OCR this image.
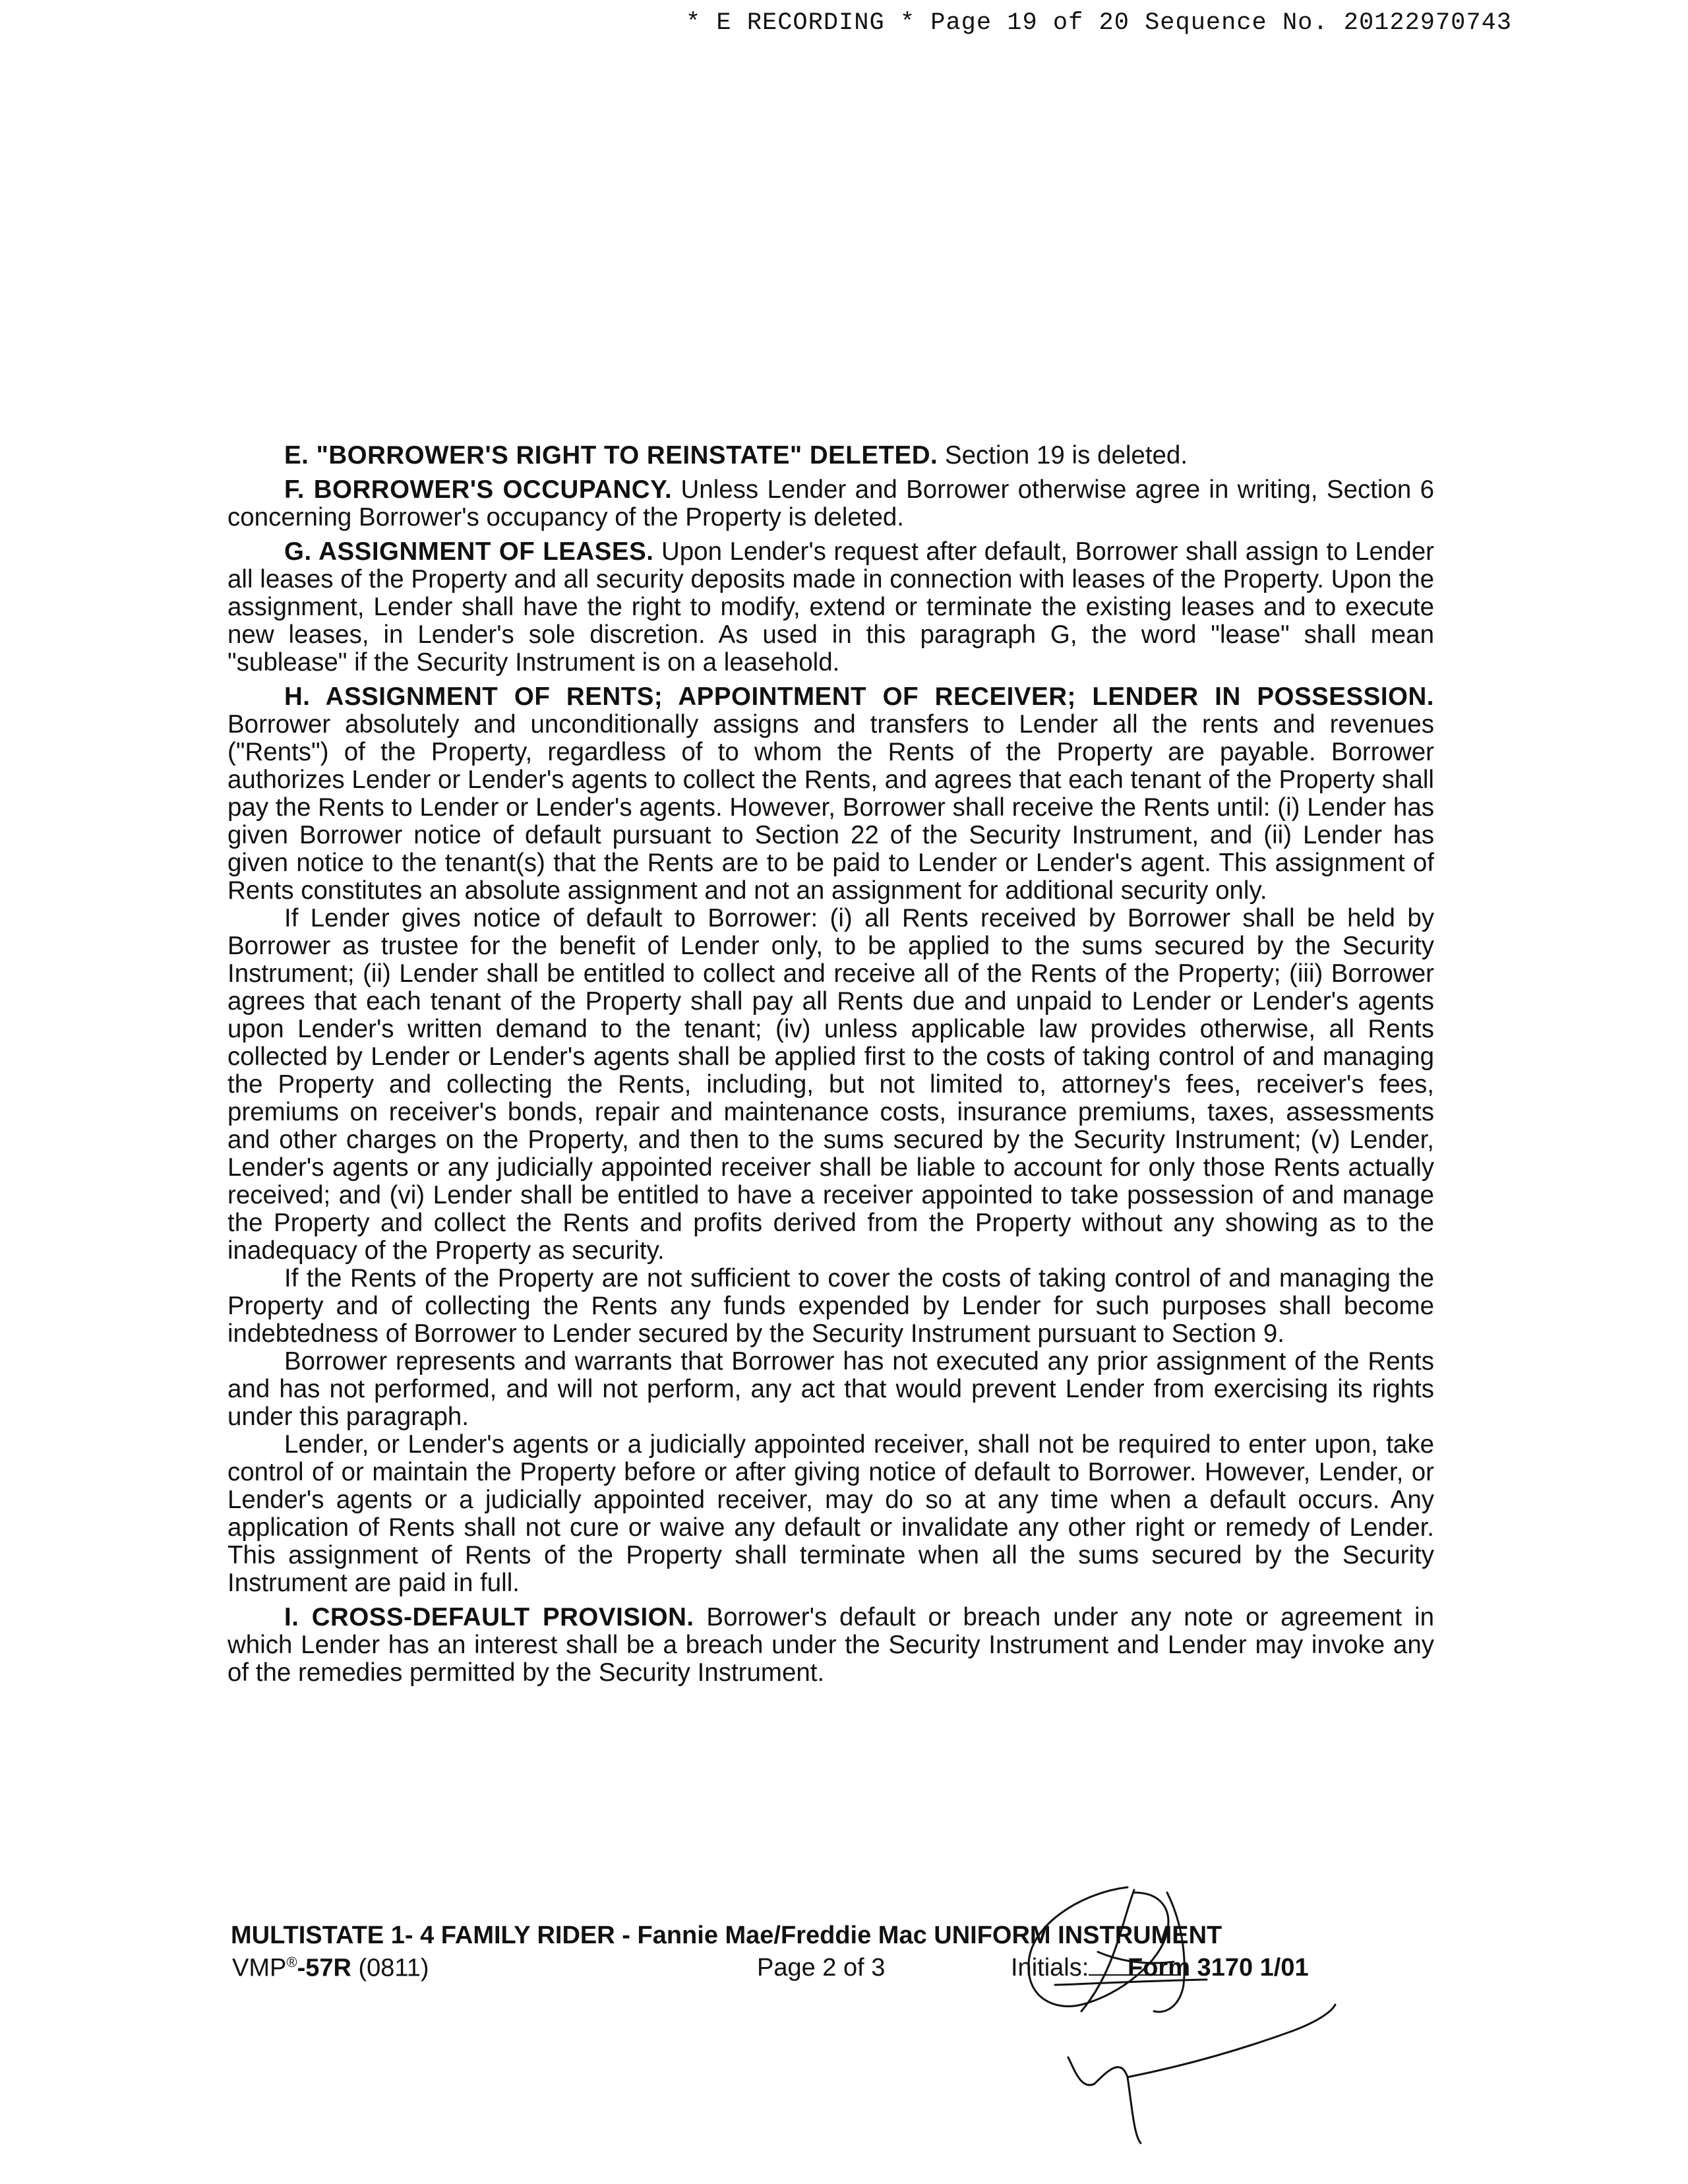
* E RECORDING * Page 19 of 20 Sequence No. 20122970743

E. "BORROWER'S RIGHT TO REINSTATE" DELETED. Section 19 is deleted.

F. BORROWER'S OCCUPANCY. Unless Lender and Borrower otherwise agree in writing, Section 6 concerning Borrower's occupancy of the Property is deleted.

G. ASSIGNMENT OF LEASES. Upon Lender's request after default, Borrower shall assign to Lender all leases of the Property and all security deposits made in connection with leases of the Property. Upon the assignment, Lender shall have the right to modify, extend or terminate the existing leases and to execute new leases, in Lender's sole discretion. As used in this paragraph G, the word "lease" shall mean "sublease" if the Security Instrument is on a leasehold.

H. ASSIGNMENT OF RENTS; APPOINTMENT OF RECEIVER; LENDER IN POSSESSION. Borrower absolutely and unconditionally assigns and transfers to Lender all the rents and revenues ("Rents") of the Property, regardless of to whom the Rents of the Property are payable. Borrower authorizes Lender or Lender's agents to collect the Rents, and agrees that each tenant of the Property shall pay the Rents to Lender or Lender's agents. However, Borrower shall receive the Rents until: (i) Lender has given Borrower notice of default pursuant to Section 22 of the Security Instrument, and (ii) Lender has given notice to the tenant(s) that the Rents are to be paid to Lender or Lender's agent. This assignment of Rents constitutes an absolute assignment and not an assignment for additional security only.

If Lender gives notice of default to Borrower: (i) all Rents received by Borrower shall be held by Borrower as trustee for the benefit of Lender only, to be applied to the sums secured by the Security Instrument; (ii) Lender shall be entitled to collect and receive all of the Rents of the Property; (iii) Borrower agrees that each tenant of the Property shall pay all Rents due and unpaid to Lender or Lender's agents upon Lender's written demand to the tenant; (iv) unless applicable law provides otherwise, all Rents collected by Lender or Lender's agents shall be applied first to the costs of taking control of and managing the Property and collecting the Rents, including, but not limited to, attorney's fees, receiver's fees, premiums on receiver's bonds, repair and maintenance costs, insurance premiums, taxes, assessments and other charges on the Property, and then to the sums secured by the Security Instrument; (v) Lender, Lender's agents or any judicially appointed receiver shall be liable to account for only those Rents actually received; and (vi) Lender shall be entitled to have a receiver appointed to take possession of and manage the Property and collect the Rents and profits derived from the Property without any showing as to the inadequacy of the Property as security.

If the Rents of the Property are not sufficient to cover the costs of taking control of and managing the Property and of collecting the Rents any funds expended by Lender for such purposes shall become indebtedness of Borrower to Lender secured by the Security Instrument pursuant to Section 9.

Borrower represents and warrants that Borrower has not executed any prior assignment of the Rents and has not performed, and will not perform, any act that would prevent Lender from exercising its rights under this paragraph.

Lender, or Lender's agents or a judicially appointed receiver, shall not be required to enter upon, take control of or maintain the Property before or after giving notice of default to Borrower. However, Lender, or Lender's agents or a judicially appointed receiver, may do so at any time when a default occurs. Any application of Rents shall not cure or waive any default or invalidate any other right or remedy of Lender. This assignment of Rents of the Property shall terminate when all the sums secured by the Security Instrument are paid in full.

I. CROSS-DEFAULT PROVISION. Borrower's default or breach under any note or agreement in which Lender has an interest shall be a breach under the Security Instrument and Lender may invoke any of the remedies permitted by the Security Instrument.

MULTISTATE 1- 4 FAMILY RIDER - Fannie Mae/Freddie Mac UNIFORM INSTRUMENT
VMP®-57R (0811)	Page 2 of 3	Initials:	Form 3170 1/01
